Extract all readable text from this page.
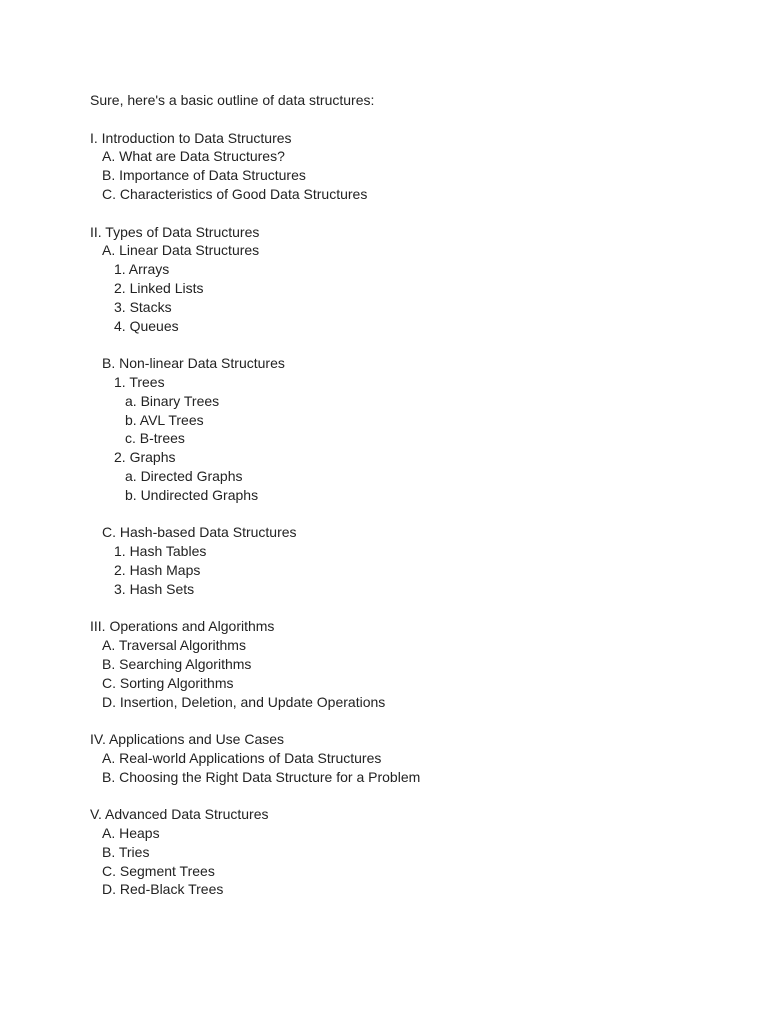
Sure, here's a basic outline of data structures:
I. Introduction to Data Structures
A. What are Data Structures?
B. Importance of Data Structures
C. Characteristics of Good Data Structures
II. Types of Data Structures
A. Linear Data Structures
1. Arrays
2. Linked Lists
3. Stacks
4. Queues
B. Non-linear Data Structures
1. Trees
a. Binary Trees
b. AVL Trees
c. B-trees
2. Graphs
a. Directed Graphs
b. Undirected Graphs
C. Hash-based Data Structures
1. Hash Tables
2. Hash Maps
3. Hash Sets
III. Operations and Algorithms
A. Traversal Algorithms
B. Searching Algorithms
C. Sorting Algorithms
D. Insertion, Deletion, and Update Operations
IV. Applications and Use Cases
A. Real-world Applications of Data Structures
B. Choosing the Right Data Structure for a Problem
V. Advanced Data Structures
A. Heaps
B. Tries
C. Segment Trees
D. Red-Black Trees
